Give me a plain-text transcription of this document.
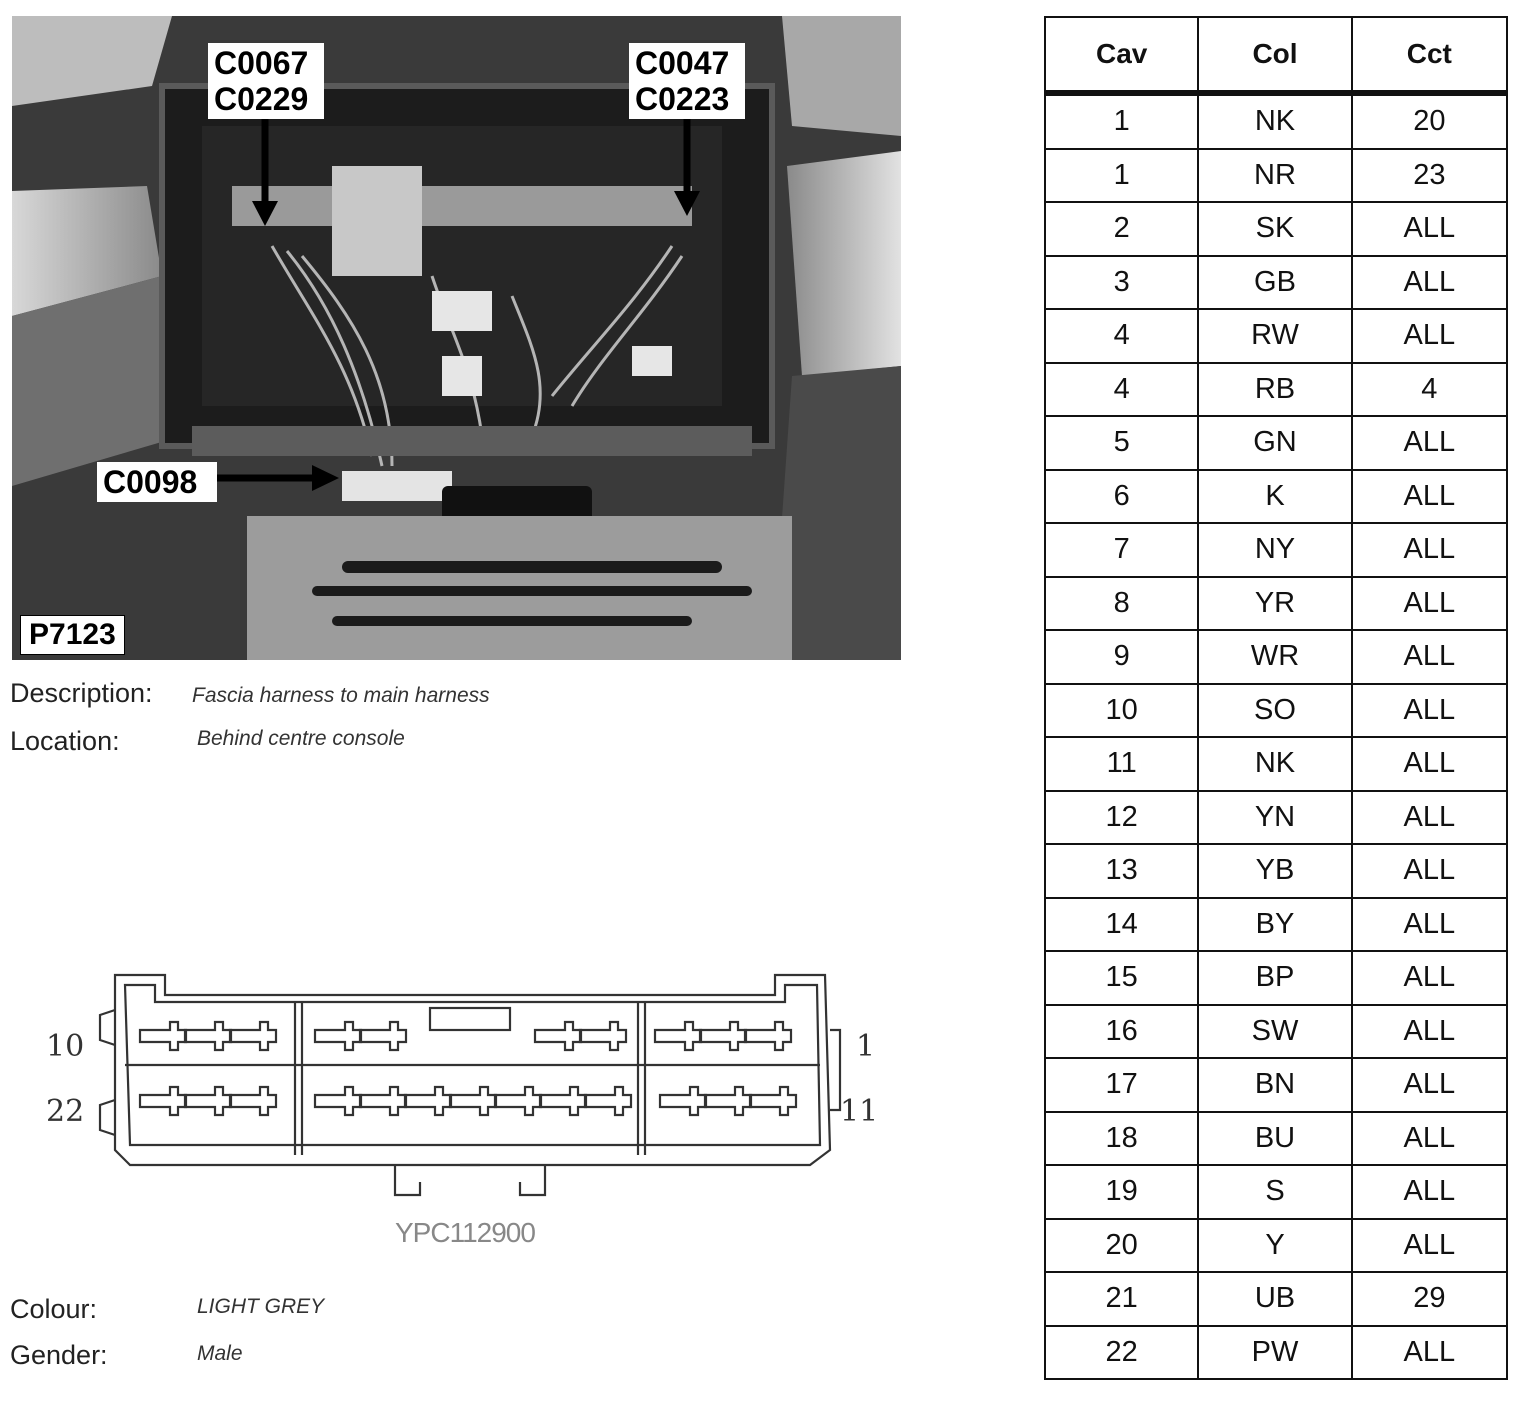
C0067
C0229
C0047
C0223
C0098
P7123
Description: Fascia harness to main harness
Location:	Behind centre console
10
22
1
11
YPC112900
Colour:	LIGHT GREY
Gender:	Male
Cav	Col	Cct
1	NK	20
1	NR	23
2	SK	ALL
3	GB	ALL
4	RW	ALL
4	RB	4
5	GN	ALL
6	K	ALL
7	NY	ALL
8	YR	ALL
9	WR	ALL
10	SO	ALL
11	NK	ALL
12	YN	ALL
13	YB	ALL
14	BY	ALL
15	BP	ALL
16	SW	ALL
17	BN	ALL
18	BU	ALL
19	S	ALL
20	Y	ALL
21	UB	29
22	PW	ALL
